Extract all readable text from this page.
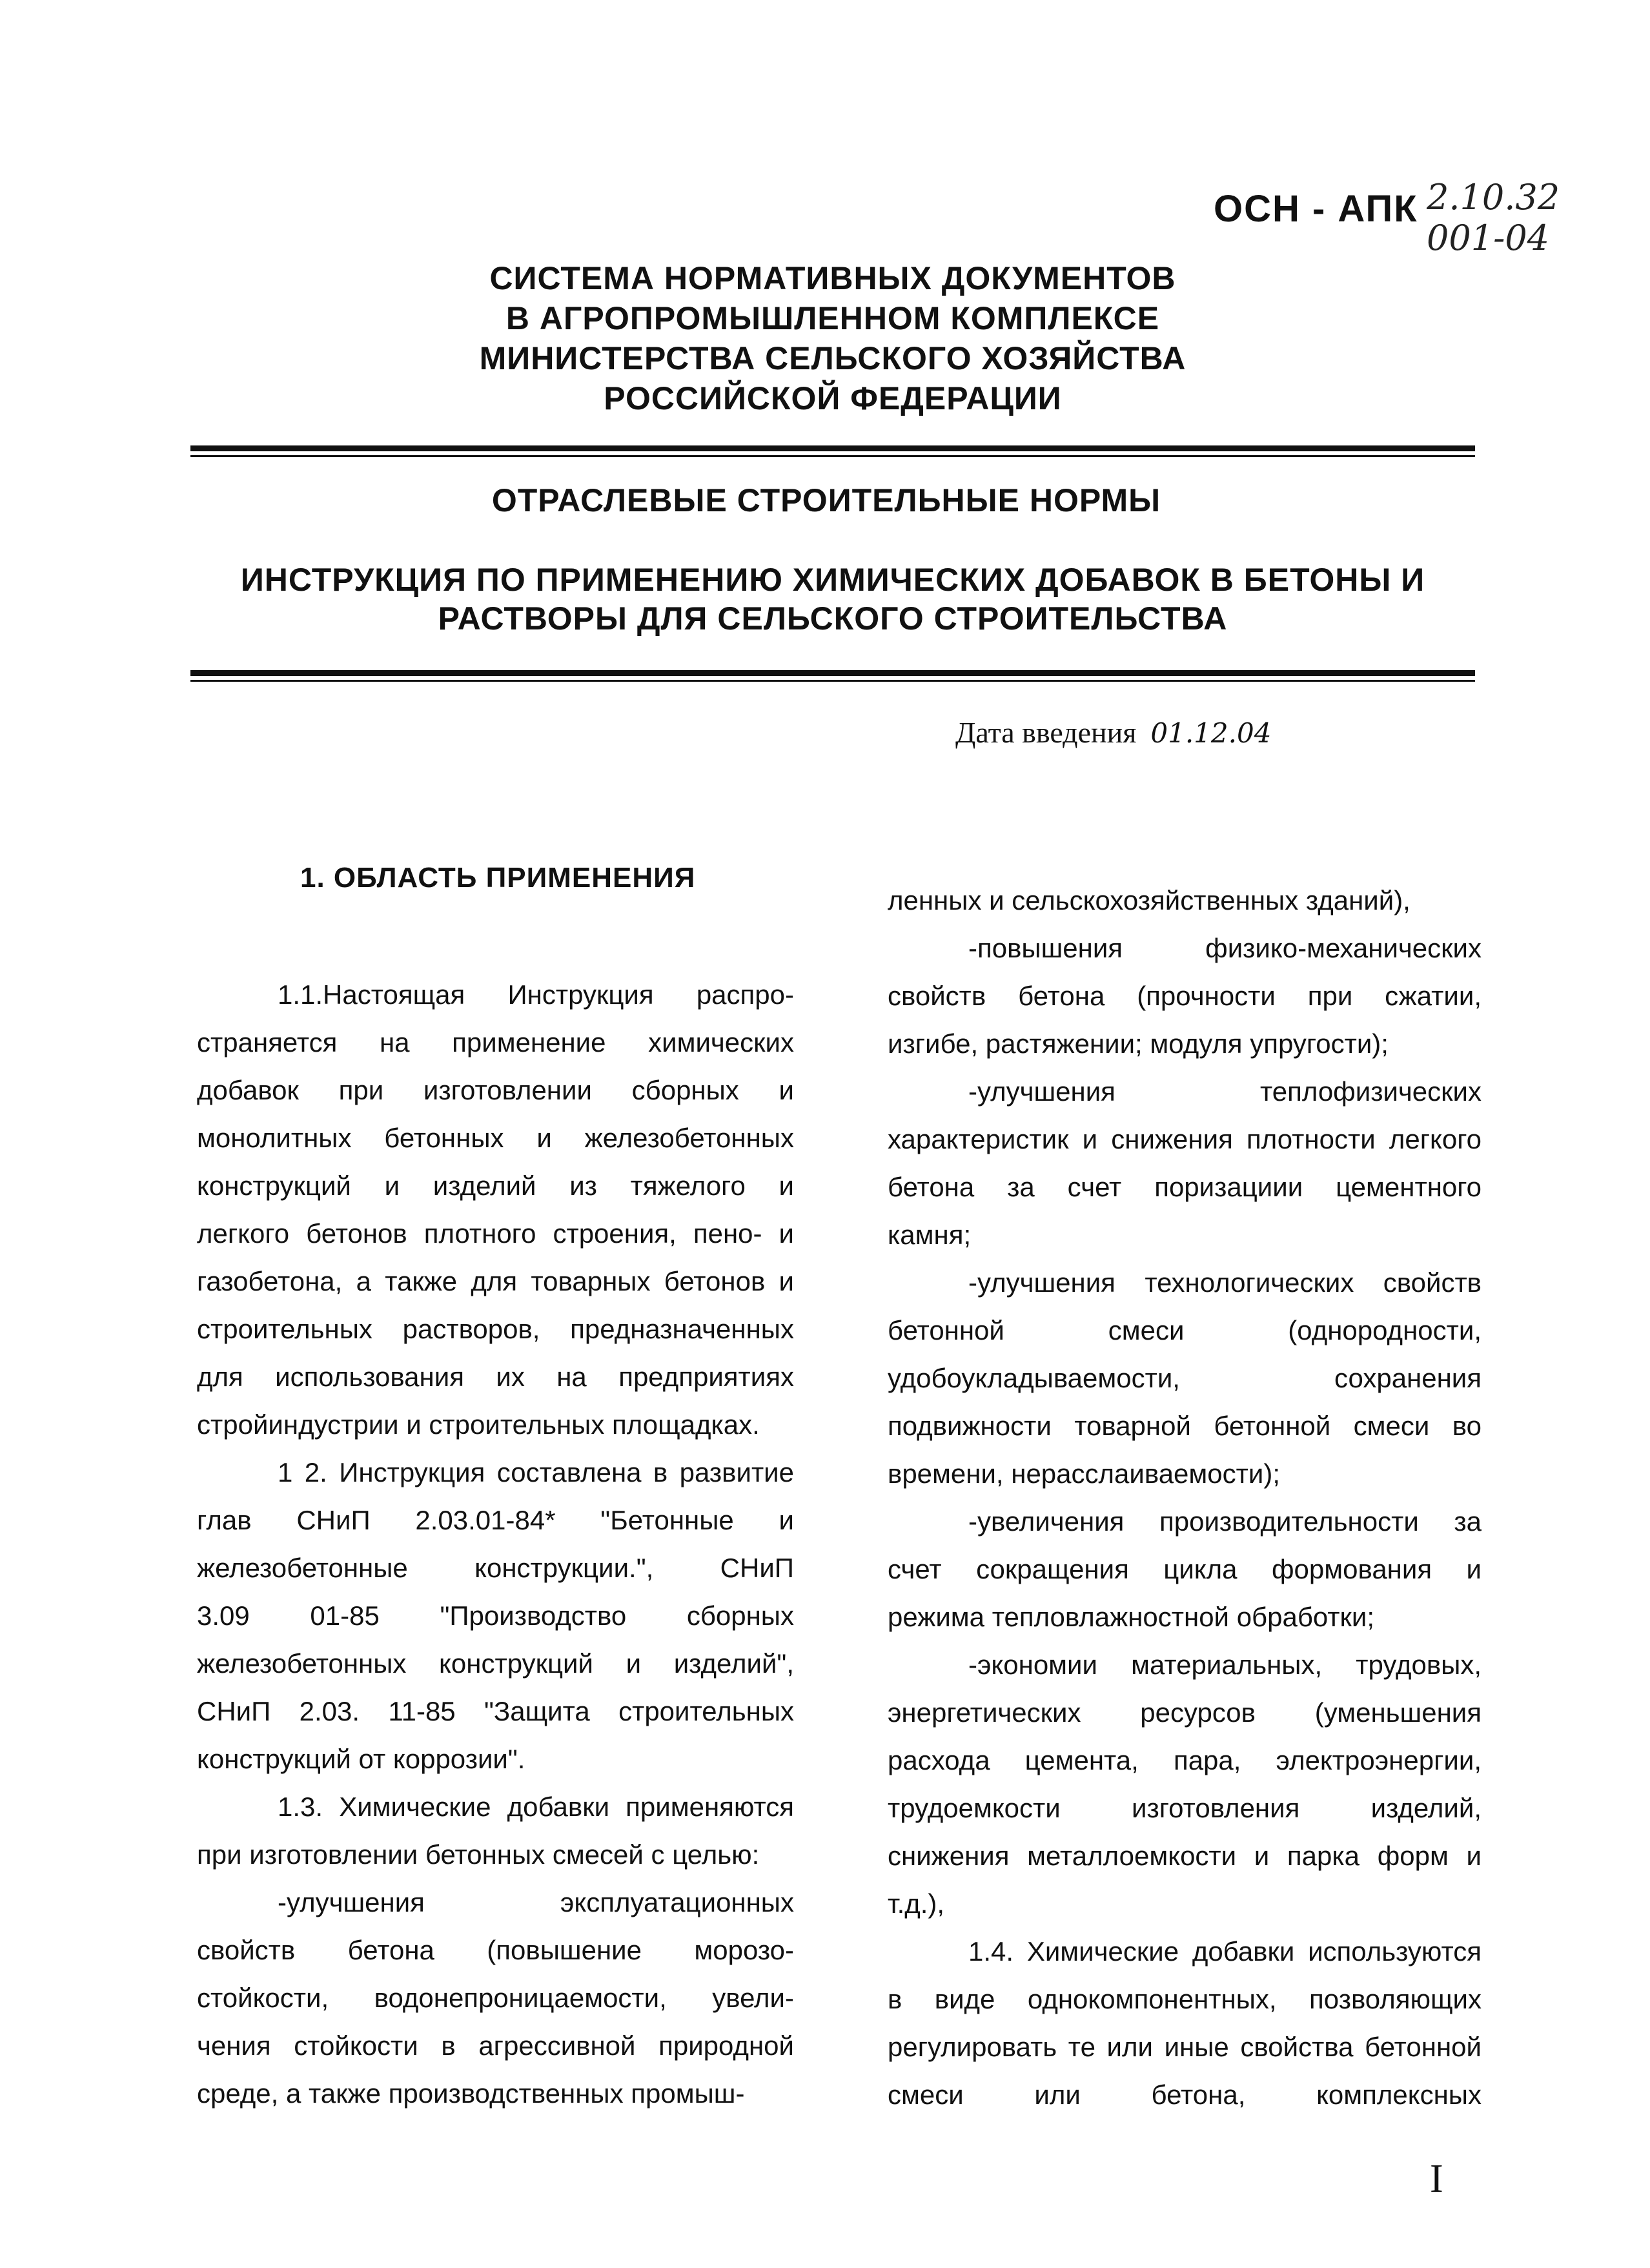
ОСН - АПК 2.10.32 001-04
СИСТЕМА НОРМАТИВНЫХ ДОКУМЕНТОВ
В АГРОПРОМЫШЛЕННОМ КОМПЛЕКСЕ
МИНИСТЕРСТВА СЕЛЬСКОГО ХОЗЯЙСТВА
РОССИЙСКОЙ ФЕДЕРАЦИИ
ОТРАСЛЕВЫЕ СТРОИТЕЛЬНЫЕ НОРМЫ
ИНСТРУКЦИЯ ПО ПРИМЕНЕНИЮ ХИМИЧЕСКИХ ДОБАВОК В БЕТОНЫ И
РАСТВОРЫ ДЛЯ СЕЛЬСКОГО СТРОИТЕЛЬСТВА
Дата введения 01.12.04
1. ОБЛАСТЬ ПРИМЕНЕНИЯ
1.1.Настоящая Инструкция распро-
страняется на применение химических
добавок при изготовлении сборных и
монолитных бетонных и железобетонных
конструкций и изделий из тяжелого и
легкого бетонов плотного строения, пено- и
газобетона, а также для товарных бетонов и
строительных растворов, предназначенных
для использования их на предприятиях
стройиндустрии и строительных площадках.
1 2. Инструкция составлена в развитие
глав СНиП 2.03.01-84* "Бетонные и
железобетонные конструкции.", СНиП
3.09 01-85 "Производство сборных
железобетонных конструкций и изделий",
СНиП 2.03. 11-85 "Защита строительных
конструкций от коррозии".
1.3. Химические добавки применяются
при изготовлении бетонных смесей с целью:
-улучшения эксплуатационных
свойств бетона (повышение морозо-
стойкости, водонепроницаемости, увели-
чения стойкости в агрессивной природной
среде, а также производственных промыш-
ленных и сельскохозяйственных зданий),
-повышения физико-механических
свойств бетона (прочности при сжатии,
изгибе, растяжении; модуля упругости);
-улучшения теплофизических
характеристик и снижения плотности легкого
бетона за счет поризациии цементного
камня;
-улучшения технологических свойств
бетонной смеси (однородности,
удобоукладываемости, сохранения
подвижности товарной бетонной смеси во
времени, нерасслаиваемости);
-увеличения производительности за
счет сокращения цикла формования и
режима тепловлажностной обработки;
-экономии материальных, трудовых,
энергетических ресурсов (уменьшения
расхода цемента, пара, электроэнергии,
трудоемкости изготовления изделий,
снижения металлоемкости и парка форм и
т.д.),
1.4. Химические добавки используются
в виде однокомпонентных, позволяющих
регулировать те или иные свойства бетонной
смеси или бетона, комплексных
I
